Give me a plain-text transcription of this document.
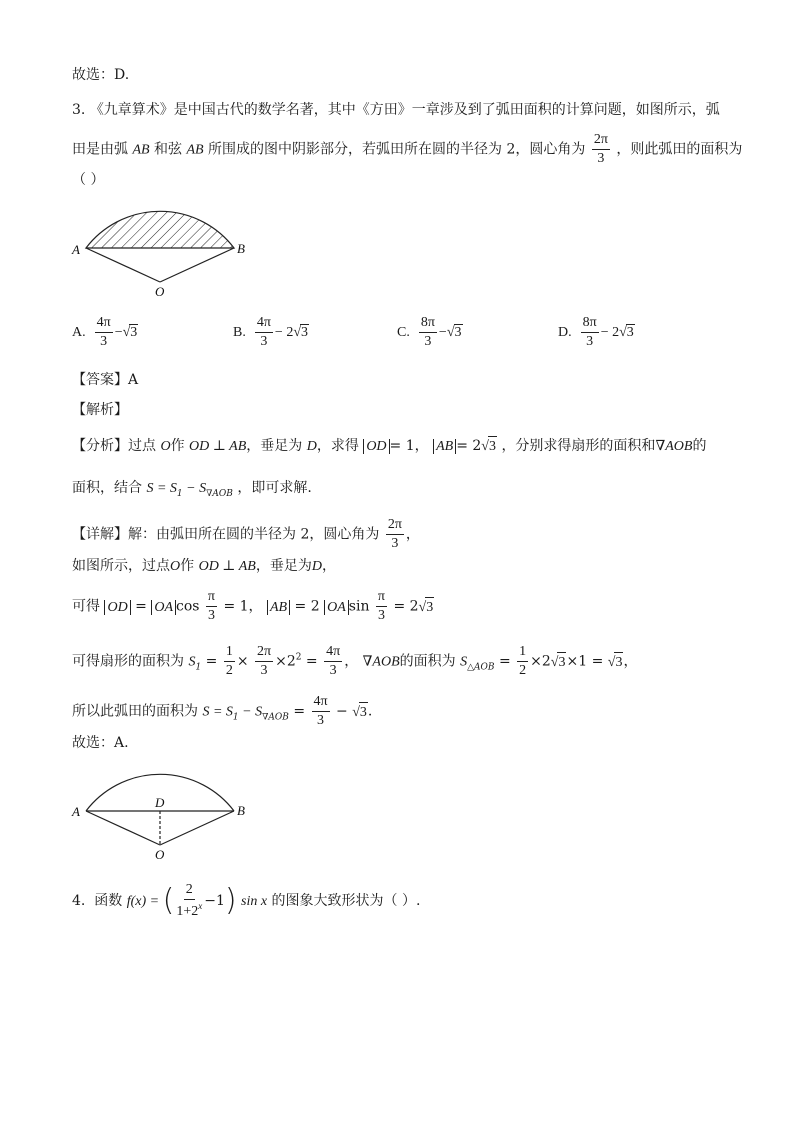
故选：D.
3. 《九章算术》是中国古代的数学名著，其中《方田》一章涉及到了弧田面积的计算问题，如图所示，弧
田是由弧 AB 和弦 AB 所围成的图中阴影部分，若弧田所在圆的半径为 2，圆心角为 $\frac{2\pi}{3}$ ，则此弧田的面积为
（ ）
A	B
O
A.
$\frac{4\pi}{3}$ − √ 3	B.
$\frac{4\pi}{3} - 2$ √ 3	C.
$\frac{8\pi}{3}$ − √ 3	D.
$\frac{8\pi}{3} - 2$ √ 3
【答案】A
【解析】
【分析】过点 O作 OD ⊥ AB，垂足为 D，求得 OD = 1， AB = 2 √ 3 ，分别求得扇形的面积和∇AOB的
面积，结合 $S = S_1 - S_{\nabla AOB}$ ，即可求解.
【详解】解：由弧田所在圆的半径为 2，圆心角为 $\frac{2\pi}{3}$ ，
如图所示，过点O作 OD ⊥ AB，垂足为D，
可得 OD = OA $\cos \frac{\pi}{3} = 1$， AB = 2 OA $\sin \frac{\pi}{3} = 2$ √ 3
可得扇形的面积为 $S_1 = \frac{1}{2} \times \frac{2\pi}{3} \times 2^2 = \frac{4\pi}{3}$ ， ∇AOB的面积为 $S_{\triangle AOB} = \frac{1}{2} \times 2$ √ 3 ×1 = √ 3 ，
所以此弧田的面积为 $S = S_1 - S_{\nabla AOB} = \frac{4\pi}{3}$ − √ 3 .
故选：A.
A	B
D
O
4. 函数 f(x) = ( $\frac{2}{1+2^x} -1$) sin x 的图象大致形状为（ ）.
